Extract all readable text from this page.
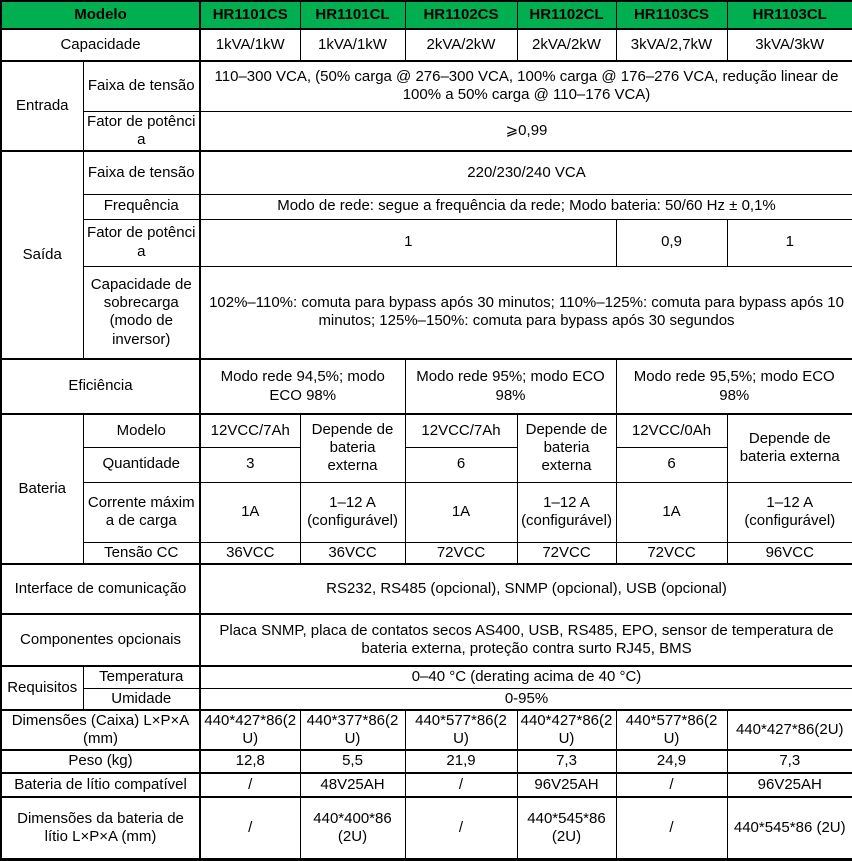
Modelo		HR1101CS	HR1101CL	HR1102CS	HR1102CL	HR1103CS	HR1103CL
Capacidade		1kVA/1kW	1kVA/1kW	2kVA/2kW	2kVA/2kW	3kVA/2,7kW	3kVA/3kW
Entrada	Faixa de tensão	110–300 VCA, (50% carga @ 276–300 VCA, 100% carga @ 176–276 VCA, redução linear de 100% a 50% carga @ 110–176 VCA)					
	Fator de potência	⩾0,99					
Saída	Faixa de tensão	220/230/240 VCA					
	Frequência	Modo de rede: segue a frequência da rede; Modo bateria: 50/60 Hz ± 0,1%					
	Fator de potência	1				0,9	1
	Capacidade de sobrecarga (modo de inversor)	102%–110%: comuta para bypass após 30 minutos; 110%–125%: comuta para bypass após 10 minutos; 125%–150%: comuta para bypass após 30 segundos					
Eficiência		Modo rede 94,5%; modo ECO 98%		Modo rede 95%; modo ECO 98%		Modo rede 95,5%; modo ECO 98%	
Bateria	Modelo	12VCC/7Ah	Depende de bateria externa	12VCC/7Ah	Depende de bateria externa	12VCC/0Ah	Depende de bateria externa
	Quantidade	3		6		6	
	Corrente máxima de carga	1A	1–12 A (configurável)	1A	1–12 A (configurável)	1A	1–12 A (configurável)
	Tensão CC	36VCC	36VCC	72VCC	72VCC	72VCC	96VCC
Interface de comunicação		RS232, RS485 (opcional), SNMP (opcional), USB (opcional)					
Componentes opcionais		Placa SNMP, placa de contatos secos AS400, USB, RS485, EPO, sensor de temperatura de bateria externa, proteção contra surto RJ45, BMS					
Requisitos	Temperatura	0–40 °C (derating acima de 40 °C)					
	Umidade	0-95%					
Dimensões (Caixa) L×P×A (mm)		440*427*86(2U)	440*377*86(2U)	440*577*86(2U)	440*427*86(2U)	440*577*86(2U)	440*427*86(2U)
Peso (kg)		12,8	5,5	21,9	7,3	24,9	7,3
Bateria de lítio compatível		/	48V25AH	/	96V25AH	/	96V25AH
Dimensões da bateria de lítio L×P×A (mm)		/	440*400*86 (2U)	/	440*545*86 (2U)	/	440*545*86 (2U)
